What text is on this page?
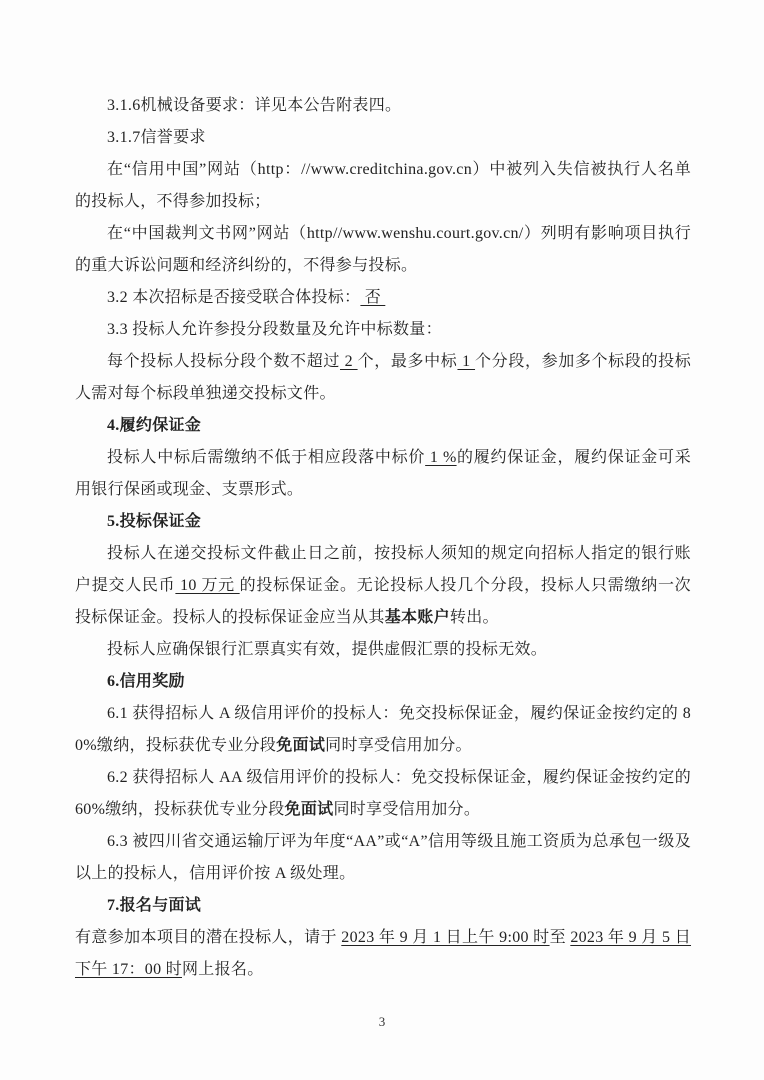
3.1.6机械设备要求：详见本公告附表四。

3.1.7信誉要求

在“信用中国”网站（http：//www.creditchina.gov.cn）中被列入失信被执行人名单的投标人，不得参加投标；

在“中国裁判文书网”网站（http//www.wenshu.court.gov.cn/）列明有影响项目执行的重大诉讼问题和经济纠纷的，不得参与投标。

3.2 本次招标是否接受联合体投标： 否

3.3 投标人允许参投分段数量及允许中标数量：

每个投标人投标分段个数不超过 2 个，最多中标 1 个分段，参加多个标段的投标人需对每个标段单独递交投标文件。

4.履约保证金

投标人中标后需缴纳不低于相应段落中标价 1 %的履约保证金，履约保证金可采用银行保函或现金、支票形式。

5.投标保证金

投标人在递交投标文件截止日之前，按投标人须知的规定向招标人指定的银行账户提交人民币 10 万元 的投标保证金。无论投标人投几个分段，投标人只需缴纳一次投标保证金。投标人的投标保证金应当从其基本账户转出。

投标人应确保银行汇票真实有效，提供虚假汇票的投标无效。

6.信用奖励

6.1 获得招标人 A 级信用评价的投标人：免交投标保证金，履约保证金按约定的 80%缴纳，投标获优专业分段免面试同时享受信用加分。

6.2 获得招标人 AA 级信用评价的投标人：免交投标保证金，履约保证金按约定的 60%缴纳，投标获优专业分段免面试同时享受信用加分。

6.3 被四川省交通运输厅评为年度“AA”或“A”信用等级且施工资质为总承包一级及以上的投标人，信用评价按 A 级处理。

7.报名与面试

有意参加本项目的潜在投标人，请于 2023 年 9 月 1 日上午 9:00 时至 2023 年 9 月 5 日下午 17：00 时网上报名。

3
